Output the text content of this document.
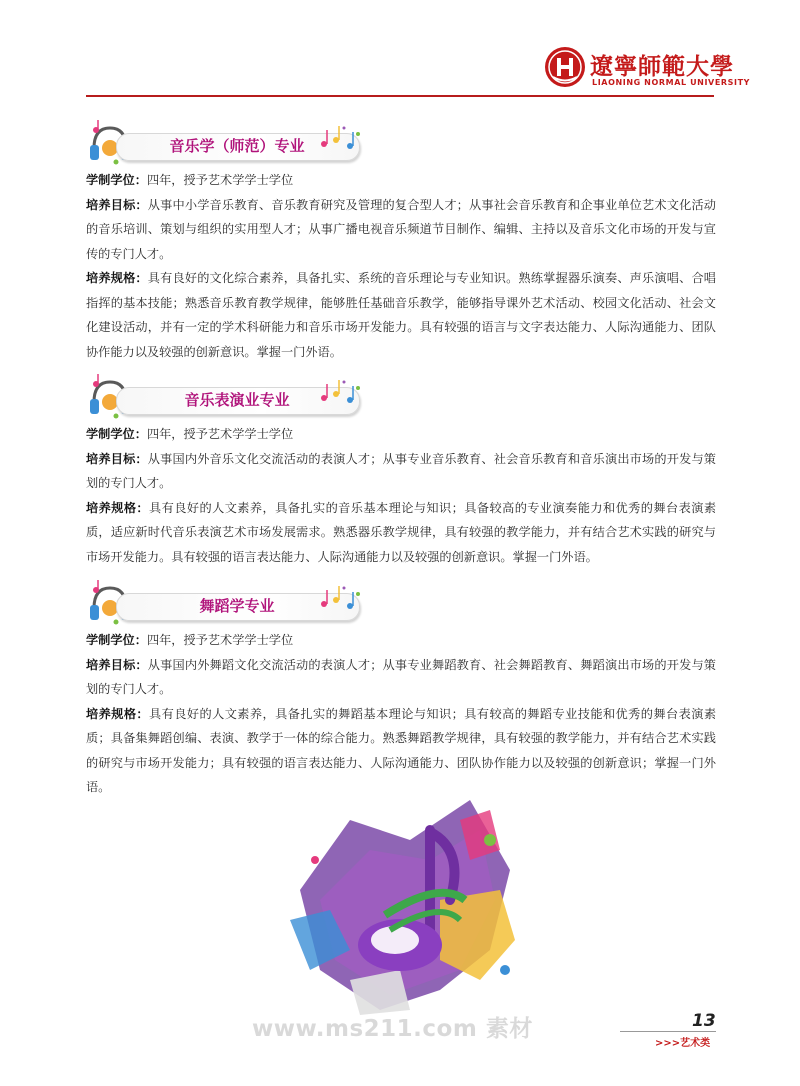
遼寧師範大學
LIAONING NORMAL UNIVERSITY
音乐学（师范）专业

学制学位：四年，授予艺术学学士学位

培养目标：从事中小学音乐教育、音乐教育研究及管理的复合型人才；从事社会音乐教育和企事业单位艺术文化活动的音乐培训、策划与组织的实用型人才；从事广播电视音乐频道节目制作、编辑、主持以及音乐文化市场的开发与宣传的专门人才。

培养规格：具有良好的文化综合素养，具备扎实、系统的音乐理论与专业知识。熟练掌握器乐演奏、声乐演唱、合唱指挥的基本技能；熟悉音乐教育教学规律，能够胜任基础音乐教学，能够指导课外艺术活动、校园文化活动、社会文化建设活动，并有一定的学术科研能力和音乐市场开发能力。具有较强的语言与文字表达能力、人际沟通能力、团队协作能力以及较强的创新意识。掌握一门外语。

音乐表演业专业

学制学位：四年，授予艺术学学士学位

培养目标：从事国内外音乐文化交流活动的表演人才；从事专业音乐教育、社会音乐教育和音乐演出市场的开发与策划的专门人才。

培养规格：具有良好的人文素养，具备扎实的音乐基本理论与知识；具备较高的专业演奏能力和优秀的舞台表演素质，适应新时代音乐表演艺术市场发展需求。熟悉器乐教学规律，具有较强的教学能力，并有结合艺术实践的研究与市场开发能力。具有较强的语言表达能力、人际沟通能力以及较强的创新意识。掌握一门外语。

舞蹈学专业

学制学位：四年，授予艺术学学士学位

培养目标：从事国内外舞蹈文化交流活动的表演人才；从事专业舞蹈教育、社会舞蹈教育、舞蹈演出市场的开发与策划的专门人才。

培养规格：具有良好的人文素养，具备扎实的舞蹈基本理论与知识；具有较高的舞蹈专业技能和优秀的舞台表演素质；具备集舞蹈创编、表演、教学于一体的综合能力。熟悉舞蹈教学规律，具有较强的教学能力，并有结合艺术实践的研究与市场开发能力；具有较强的语言表达能力、人际沟通能力、团队协作能力以及较强的创新意识；掌握一门外语。

www.ms211.com 素材	13
>>>艺术类
